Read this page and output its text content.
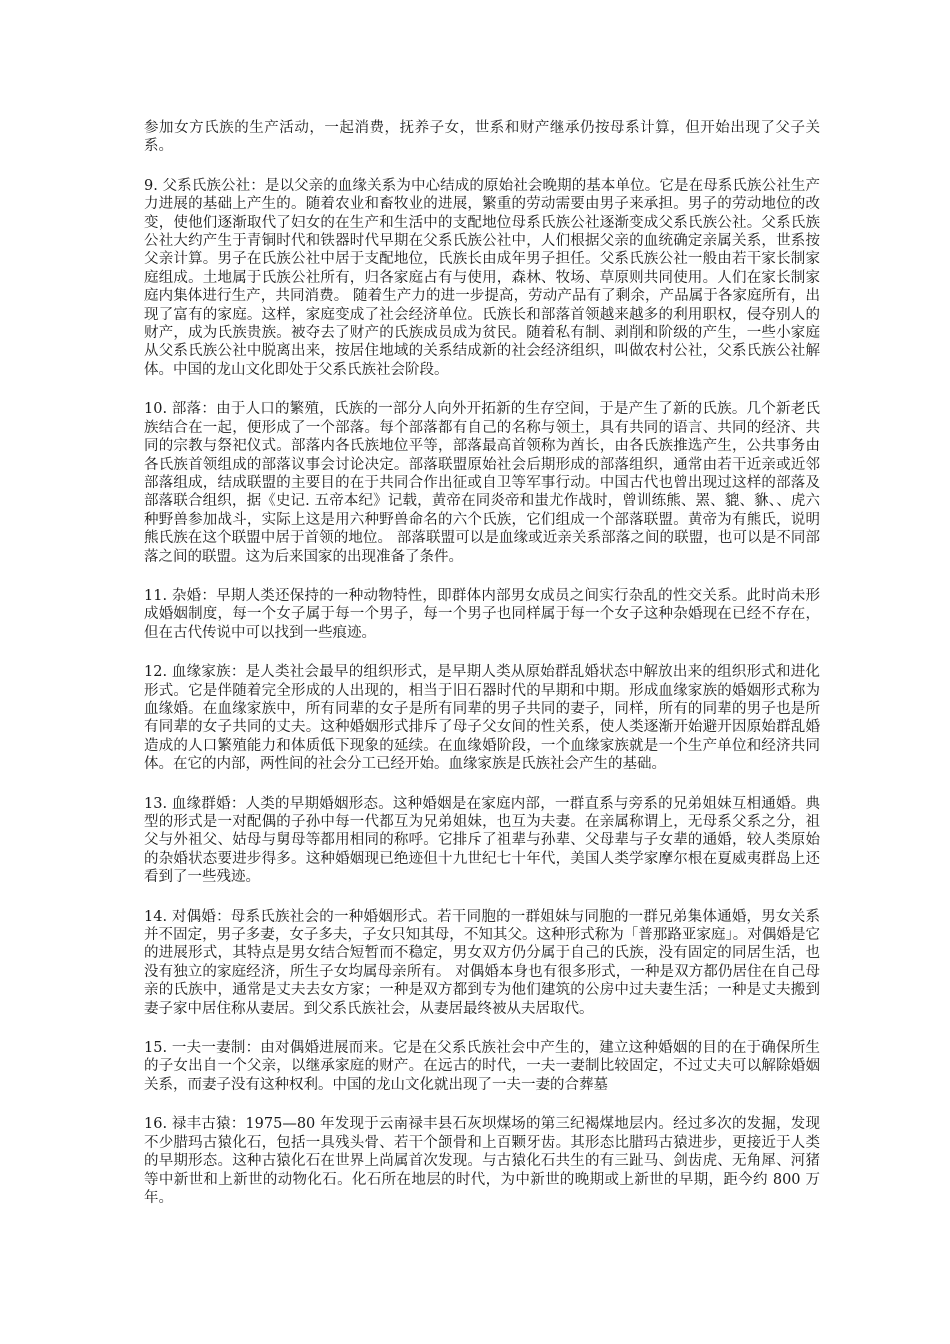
参加女方氏族的生产活动，一起消费，抚养子女，世系和财产继承仍按母系计算，但开始出现了父子关系。

9. 父系氏族公社：是以父亲的血缘关系为中心结成的原始社会晚期的基本单位。它是在母系氏族公社生产力进展的基础上产生的。随着农业和畜牧业的进展，繁重的劳动需要由男子来承担。男子的劳动地位的改变，使他们逐渐取代了妇女的在生产和生活中的支配地位母系氏族公社逐渐变成父系氏族公社。父系氏族公社大约产生于青铜时代和铁器时代早期在父系氏族公社中，人们根据父亲的血统确定亲属关系，世系按父亲计算。男子在氏族公社中居于支配地位，氏族长由成年男子担任。父系氏族公社一般由若干家长制家庭组成。土地属于氏族公社所有，归各家庭占有与使用，森林、牧场、草原则共同使用。人们在家长制家庭内集体进行生产，共同消费。 随着生产力的进一步提高，劳动产品有了剩余，产品属于各家庭所有，出现了富有的家庭。这样，家庭变成了社会经济单位。氏族长和部落首领越来越多的利用职权，侵夺别人的财产，成为氏族贵族。被夺去了财产的氏族成员成为贫民。随着私有制、剥削和阶级的产生，一些小家庭从父系氏族公社中脱离出来，按居住地域的关系结成新的社会经济组织，叫做农村公社，父系氏族公社解体。中国的龙山文化即处于父系氏族社会阶段。

10. 部落：由于人口的繁殖，氏族的一部分人向外开拓新的生存空间，于是产生了新的氏族。几个新老氏族结合在一起，便形成了一个部落。每个部落都有自己的名称与领土，具有共同的语言、共同的经济、共同的宗教与祭祀仪式。部落内各氏族地位平等，部落最高首领称为酋长，由各氏族推选产生，公共事务由各氏族首领组成的部落议事会讨论决定。部落联盟原始社会后期形成的部落组织，通常由若干近亲或近邻部落组成，结成联盟的主要目的在于共同合作出征或自卫等军事行动。中国古代也曾出现过这样的部落及部落联合组织，据《史记. 五帝本纪》记载，黄帝在同炎帝和蚩尤作战时，曾训练熊、罴、貔、貅、、虎六种野兽参加战斗，实际上这是用六种野兽命名的六个氏族，它们组成一个部落联盟。黄帝为有熊氏，说明熊氏族在这个联盟中居于首领的地位。 部落联盟可以是血缘或近亲关系部落之间的联盟，也可以是不同部落之间的联盟。这为后来国家的出现准备了条件。

11. 杂婚：早期人类还保持的一种动物特性，即群体内部男女成员之间实行杂乱的性交关系。此时尚未形成婚姻制度，每一个女子属于每一个男子，每一个男子也同样属于每一个女子这种杂婚现在已经不存在，但在古代传说中可以找到一些痕迹。

12. 血缘家族：是人类社会最早的组织形式，是早期人类从原始群乱婚状态中解放出来的组织形式和进化形式。它是伴随着完全形成的人出现的，相当于旧石器时代的早期和中期。形成血缘家族的婚姻形式称为血缘婚。在血缘家族中，所有同辈的女子是所有同辈的男子共同的妻子，同样，所有的同辈的男子也是所有同辈的女子共同的丈夫。这种婚姻形式排斥了母子父女间的性关系，使人类逐渐开始避开因原始群乱婚造成的人口繁殖能力和体质低下现象的延续。在血缘婚阶段，一个血缘家族就是一个生产单位和经济共同体。在它的内部，两性间的社会分工已经开始。血缘家族是氏族社会产生的基础。

13. 血缘群婚：人类的早期婚姻形态。这种婚姻是在家庭内部，一群直系与旁系的兄弟姐妹互相通婚。典型的形式是一对配偶的子孙中每一代都互为兄弟姐妹，也互为夫妻。在亲属称谓上，无母系父系之分，祖父与外祖父、姑母与舅母等都用相同的称呼。它排斥了祖辈与孙辈、父母辈与子女辈的通婚，较人类原始的杂婚状态要进步得多。这种婚姻现已绝迹但十九世纪七十年代，美国人类学家摩尔根在夏威夷群岛上还看到了一些残迹。

14. 对偶婚：母系氏族社会的一种婚姻形式。若干同胞的一群姐妹与同胞的一群兄弟集体通婚，男女关系并不固定，男子多妻，女子多夫，子女只知其母，不知其父。这种形式称为「普那路亚家庭」。对偶婚是它的进展形式，其特点是男女结合短暂而不稳定，男女双方仍分属于自己的氏族，没有固定的同居生活，也没有独立的家庭经济，所生子女均属母亲所有。 对偶婚本身也有很多形式，一种是双方都仍居住在自己母亲的氏族中，通常是丈夫去女方家；一种是双方都到专为他们建筑的公房中过夫妻生活；一种是丈夫搬到妻子家中居住称从妻居。到父系氏族社会，从妻居最终被从夫居取代。

15. 一夫一妻制：由对偶婚进展而来。它是在父系氏族社会中产生的，建立这种婚姻的目的在于确保所生的子女出自一个父亲，以继承家庭的财产。在远古的时代，一夫一妻制比较固定，不过丈夫可以解除婚姻关系，而妻子没有这种权利。中国的龙山文化就出现了一夫一妻的合葬墓

16. 禄丰古猿：1975—80 年发现于云南禄丰县石灰坝煤场的第三纪褐煤地层内。经过多次的发掘，发现不少腊玛古猿化石，包括一具残头骨、若干个颌骨和上百颗牙齿。其形态比腊玛古猿进步，更接近于人类的早期形态。这种古猿化石在世界上尚属首次发现。与古猿化石共生的有三趾马、剑齿虎、无角犀、河猪等中新世和上新世的动物化石。化石所在地层的时代，为中新世的晚期或上新世的早期，距今约 800 万年。
